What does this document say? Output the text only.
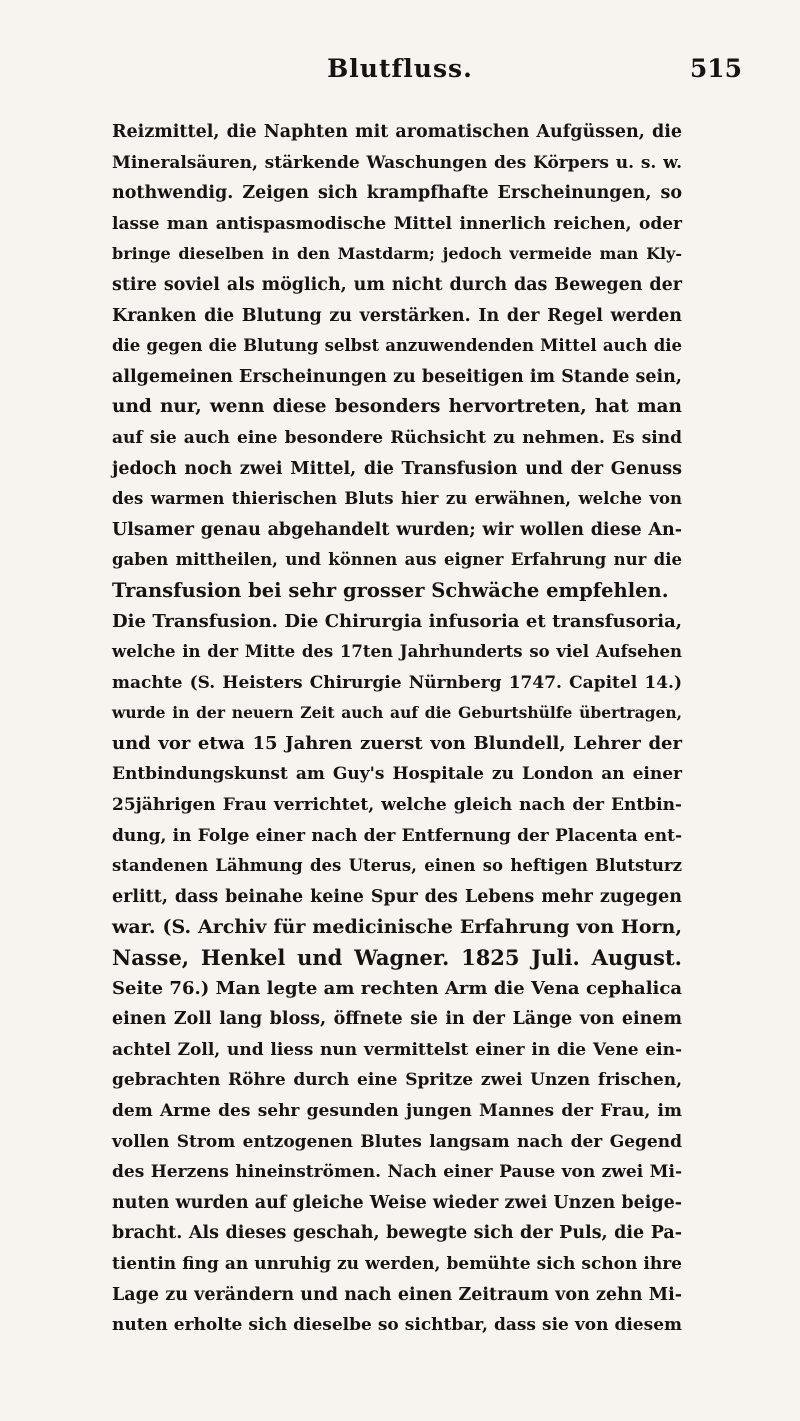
Blutfluss.	515
Reizmittel, die Naphten mit aromatischen Aufgüssen, die
Mineralsäuren, stärkende Waschungen des Körpers u. s. w.
nothwendig. Zeigen sich krampfhafte Erscheinungen, so
lasse man antispasmodische Mittel innerlich reichen, oder
bringe dieselben in den Mastdarm; jedoch vermeide man Kly-
stire soviel als möglich, um nicht durch das Bewegen der
Kranken die Blutung zu verstärken. In der Regel werden
die gegen die Blutung selbst anzuwendenden Mittel auch die
allgemeinen Erscheinungen zu beseitigen im Stande sein,
und nur, wenn diese besonders hervortreten, hat man
auf sie auch eine besondere Rüchsicht zu nehmen. Es sind
jedoch noch zwei Mittel, die Transfusion und der Genuss
des warmen thierischen Bluts hier zu erwähnen, welche von
Ulsamer genau abgehandelt wurden; wir wollen diese An-
gaben mittheilen, und können aus eigner Erfahrung nur die
Transfusion bei sehr grosser Schwäche empfehlen.
Die Transfusion. Die Chirurgia infusoria et transfusoria,
welche in der Mitte des 17ten Jahrhunderts so viel Aufsehen
machte (S. Heisters Chirurgie Nürnberg 1747. Capitel 14.)
wurde in der neuern Zeit auch auf die Geburtshülfe übertragen,
und vor etwa 15 Jahren zuerst von Blundell, Lehrer der
Entbindungskunst am Guy's Hospitale zu London an einer
25jährigen Frau verrichtet, welche gleich nach der Entbin-
dung, in Folge einer nach der Entfernung der Placenta ent-
standenen Lähmung des Uterus, einen so heftigen Blutsturz
erlitt, dass beinahe keine Spur des Lebens mehr zugegen
war. (S. Archiv für medicinische Erfahrung von Horn,
Nasse, Henkel und Wagner. 1825 Juli. August.
Seite 76.) Man legte am rechten Arm die Vena cephalica
einen Zoll lang bloss, öffnete sie in der Länge von einem
achtel Zoll, und liess nun vermittelst einer in die Vene ein-
gebrachten Röhre durch eine Spritze zwei Unzen frischen,
dem Arme des sehr gesunden jungen Mannes der Frau, im
vollen Strom entzogenen Blutes langsam nach der Gegend
des Herzens hineinströmen. Nach einer Pause von zwei Mi-
nuten wurden auf gleiche Weise wieder zwei Unzen beige-
bracht. Als dieses geschah, bewegte sich der Puls, die Pa-
tientin fing an unruhig zu werden, bemühte sich schon ihre
Lage zu verändern und nach einen Zeitraum von zehn Mi-
nuten erholte sich dieselbe so sichtbar, dass sie von diesem
